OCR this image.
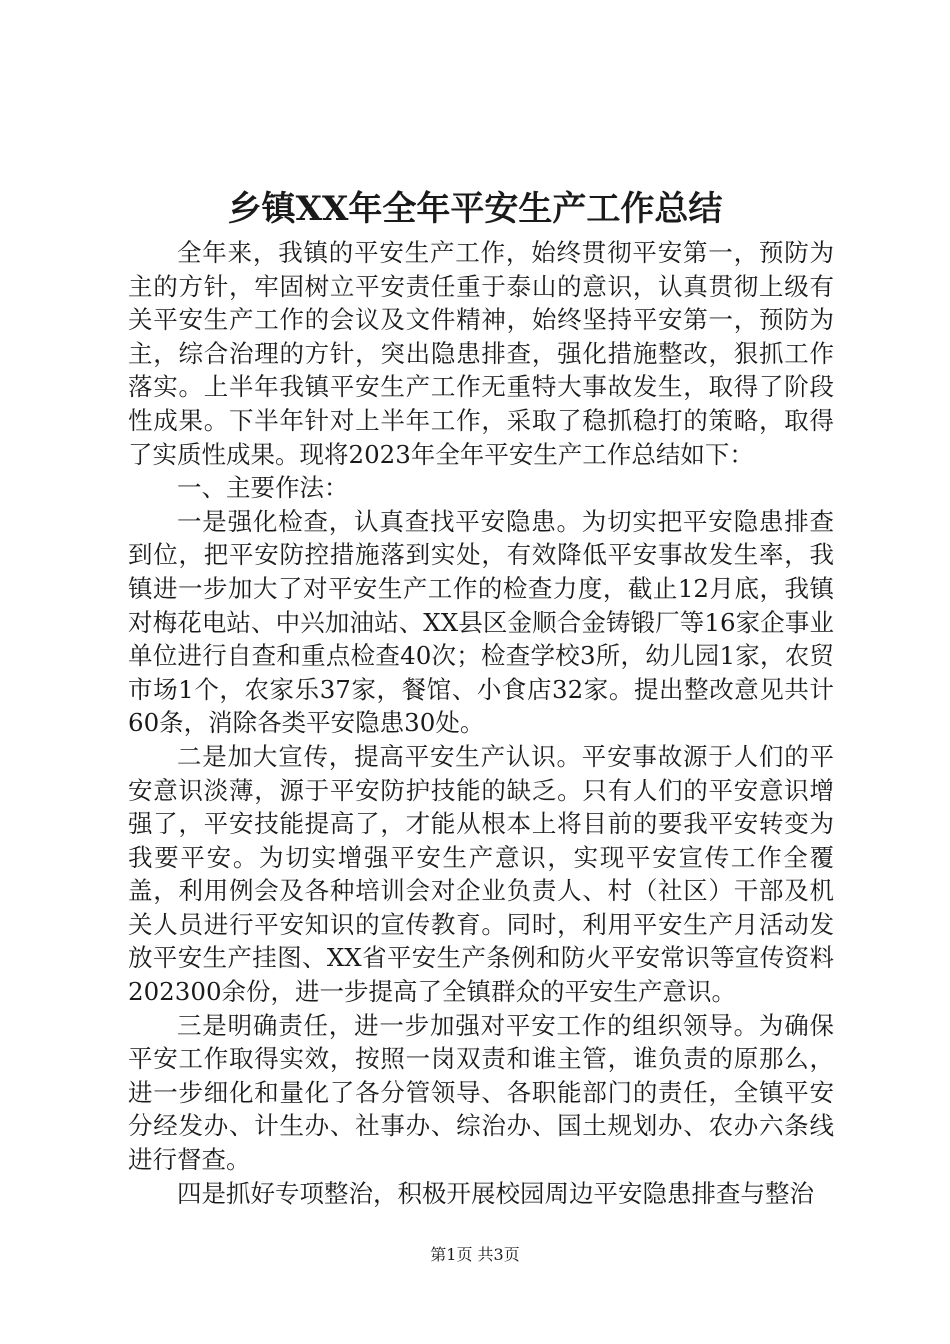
乡镇XX年全年平安生产工作总结

全年来，我镇的平安生产工作，始终贯彻平安第一，预防为主的方针，牢固树立平安责任重于泰山的意识，认真贯彻上级有关平安生产工作的会议及文件精神，始终坚持平安第一，预防为主，综合治理的方针，突出隐患排查，强化措施整改，狠抓工作落实。上半年我镇平安生产工作无重特大事故发生，取得了阶段性成果。下半年针对上半年工作，采取了稳抓稳打的策略，取得了实质性成果。现将2023年全年平安生产工作总结如下：

一、主要作法：

一是强化检查，认真查找平安隐患。为切实把平安隐患排查到位，把平安防控措施落到实处，有效降低平安事故发生率，我镇进一步加大了对平安生产工作的检查力度，截止12月底，我镇对梅花电站、中兴加油站、XX县区金顺合金铸锻厂等16家企事业单位进行自查和重点检查40次；检查学校3所，幼儿园1家，农贸市场1个，农家乐37家，餐馆、小食店32家。提出整改意见共计60条，消除各类平安隐患30处。

二是加大宣传，提高平安生产认识。平安事故源于人们的平安意识淡薄，源于平安防护技能的缺乏。只有人们的平安意识增强了，平安技能提高了，才能从根本上将目前的要我平安转变为我要平安。为切实增强平安生产意识，实现平安宣传工作全覆盖，利用例会及各种培训会对企业负责人、村（社区）干部及机关人员进行平安知识的宣传教育。同时，利用平安生产月活动发放平安生产挂图、XX省平安生产条例和防火平安常识等宣传资料202300余份，进一步提高了全镇群众的平安生产意识。

三是明确责任，进一步加强对平安工作的组织领导。为确保平安工作取得实效，按照一岗双责和谁主管，谁负责的原那么，进一步细化和量化了各分管领导、各职能部门的责任，全镇平安分经发办、计生办、社事办、综治办、国土规划办、农办六条线进行督查。

四是抓好专项整治，积极开展校园周边平安隐患排查与整治

第1页 共3页
